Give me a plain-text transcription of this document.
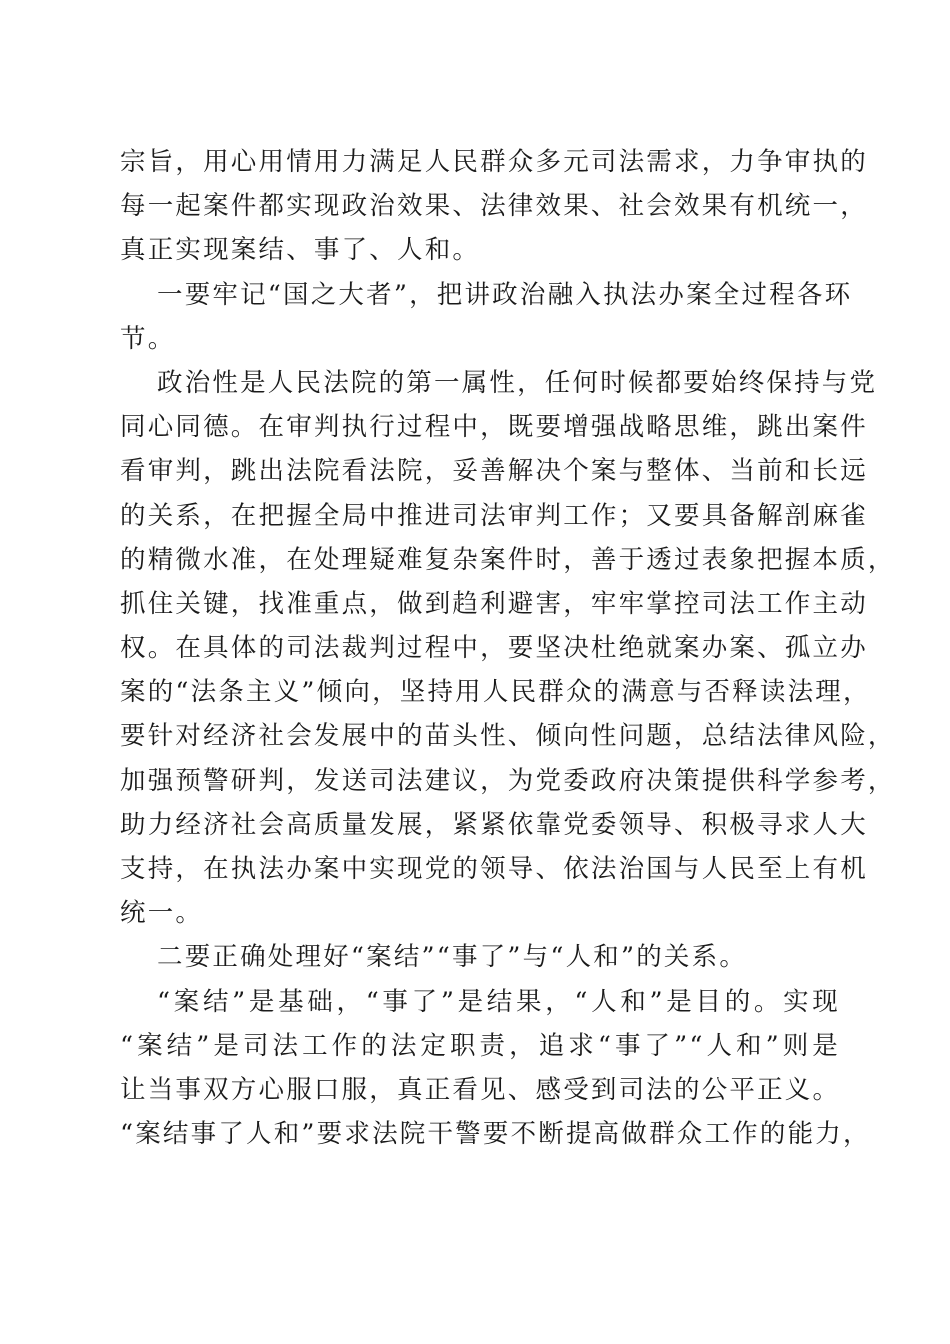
宗旨，用心用情用力满足人民群众多元司法需求，力争审执的
每一起案件都实现政治效果、法律效果、社会效果有机统一，
真正实现案结、事了、人和。
一要牢记“国之大者”，把讲政治融入执法办案全过程各环
节。
政治性是人民法院的第一属性，任何时候都要始终保持与党
同心同德。在审判执行过程中，既要增强战略思维，跳出案件
看审判，跳出法院看法院，妥善解决个案与整体、当前和长远
的关系，在把握全局中推进司法审判工作；又要具备解剖麻雀
的精微水准，在处理疑难复杂案件时，善于透过表象把握本质，
抓住关键，找准重点，做到趋利避害，牢牢掌控司法工作主动
权。在具体的司法裁判过程中，要坚决杜绝就案办案、孤立办
案的“法条主义”倾向，坚持用人民群众的满意与否释读法理，
要针对经济社会发展中的苗头性、倾向性问题，总结法律风险，
加强预警研判，发送司法建议，为党委政府决策提供科学参考，
助力经济社会高质量发展，紧紧依靠党委领导、积极寻求人大
支持，在执法办案中实现党的领导、依法治国与人民至上有机
统一。
二要正确处理好“案结”“事了”与“人和”的关系。
“案结”是基础，“事了”是结果，“人和”是目的。实现
“案结”是司法工作的法定职责，追求“事了”“人和”则是
让当事双方心服口服，真正看见、感受到司法的公平正义。
“案结事了人和”要求法院干警要不断提高做群众工作的能力，
